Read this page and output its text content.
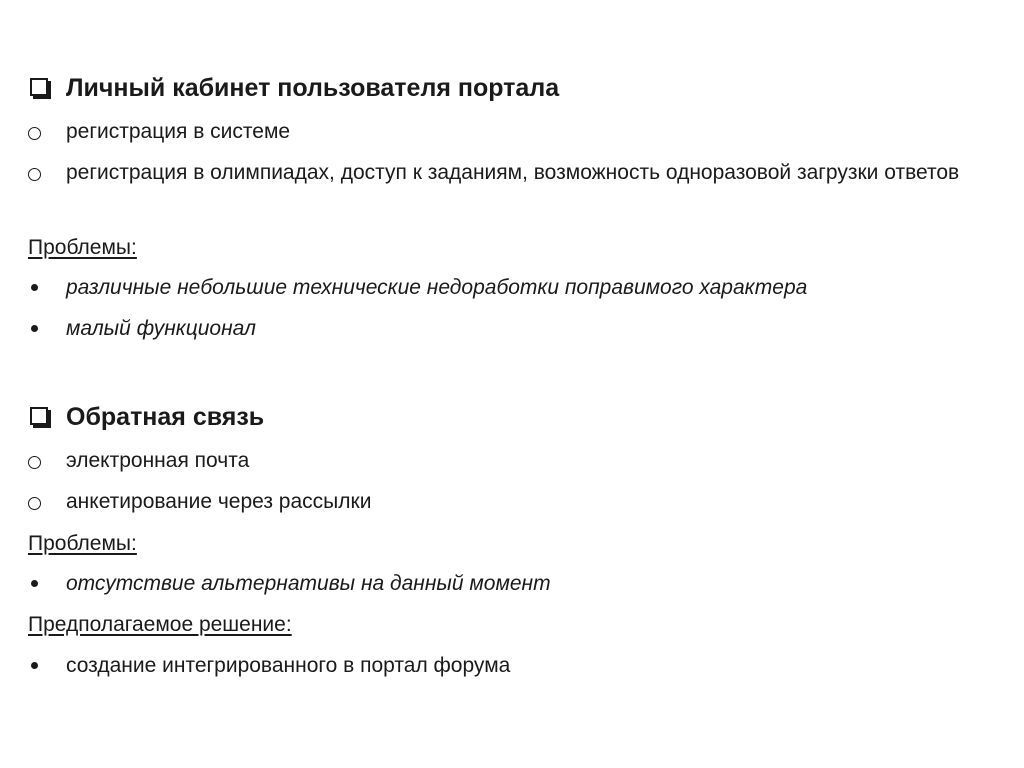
Личный кабинет пользователя портала
регистрация в системе
регистрация в олимпиадах, доступ к заданиям, возможность одноразовой загрузки ответов
Проблемы:
различные небольшие технические недоработки поправимого характера
малый функционал
Обратная связь
электронная почта
анкетирование через рассылки
Проблемы:
отсутствие альтернативы на данный момент
Предполагаемое решение:
создание интегрированного в портал форума
